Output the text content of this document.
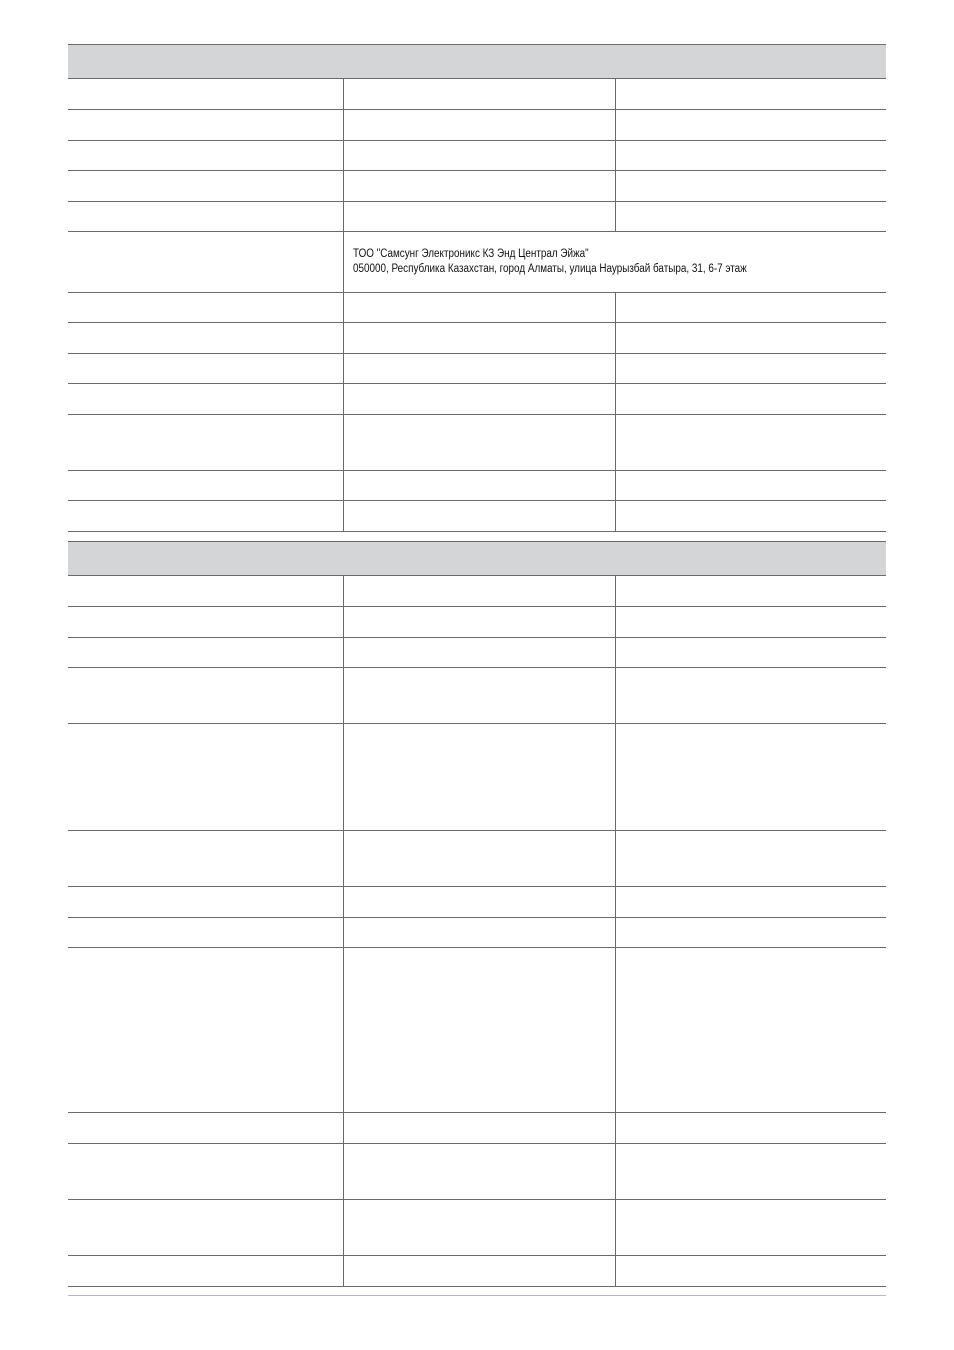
ТОО "Самсунг Электроникс КЗ Энд Централ Эйжа"
050000, Республика Казахстан, город Алматы, улица Наурызбай батыра, 31, 6-7 этаж
